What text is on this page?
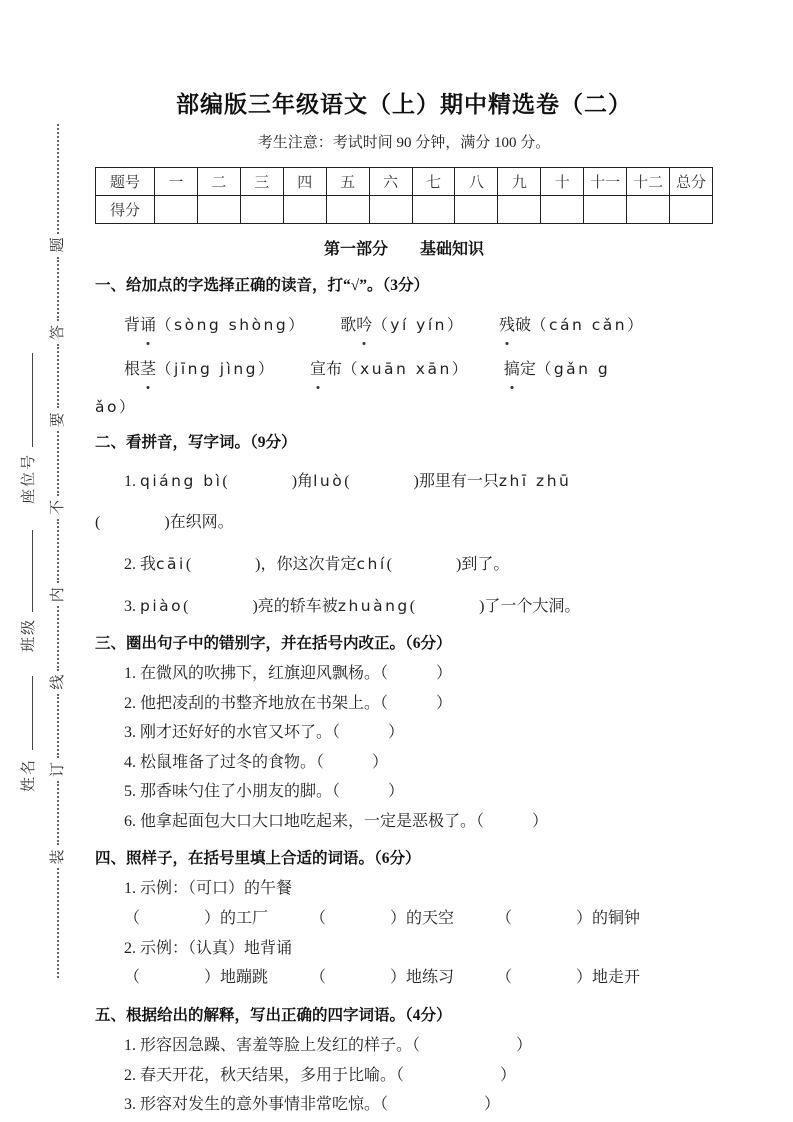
装
订
线
内
不
要
答
题
姓名
班级
座位号
部编版三年级语文（上）期中精选卷（二）

考生注意：考试时间 90 分钟，满分 100 分。

题号	一	二	三	四	五	六	七	八	九	十	十一	十二	总分
得分													
第一部分　　基础知识
一、给加点的字选择正确的读音，打“√”。（3分）
背诵（sòng shòng） 歌吟（yí yín） 残破（cán cǎn）
根茎（jīng jìng） 宣布（xuān xān） 搞定（gǎn g
ǎo）
二、看拼音，写字词。（9分）
1. qiáng bì(　　　　)角luò(　　　　)那里有一只zhī zhū
(　　　　)在织网。
2. 我cāi(　　　　)，你这次肯定chí(　　　　)到了。
3. piào(　　　　)亮的轿车被zhuàng(　　　　)了一个大洞。
三、圈出句子中的错别字，并在括号内改正。（6分）
1. 在微风的吹拂下，红旗迎风飘杨。（　　　）
2. 他把凌刮的书整齐地放在书架上。（　　　）
3. 刚才还好好的水官又坏了。（　　　）
4. 松鼠堆备了过冬的食物。（　　　）
5. 那香味勺住了小朋友的脚。（　　　）
6. 他拿起面包大口大口地吃起来，一定是恶极了。（　　　）
四、照样子，在括号里填上合适的词语。（6分）
1. 示例：（可口）的午餐
（　　　　）的工厂	（　　　　）的天空	（　　　　）的铜钟
2. 示例：（认真）地背诵
（　　　　）地蹦跳	（　　　　）地练习	（　　　　）地走开
五、根据给出的解释，写出正确的四字词语。（4分）
1. 形容因急躁、害羞等脸上发红的样子。（　　　　　　）
2. 春天开花，秋天结果，多用于比喻。（　　　　　　）
3. 形容对发生的意外事情非常吃惊。（　　　　　　）
